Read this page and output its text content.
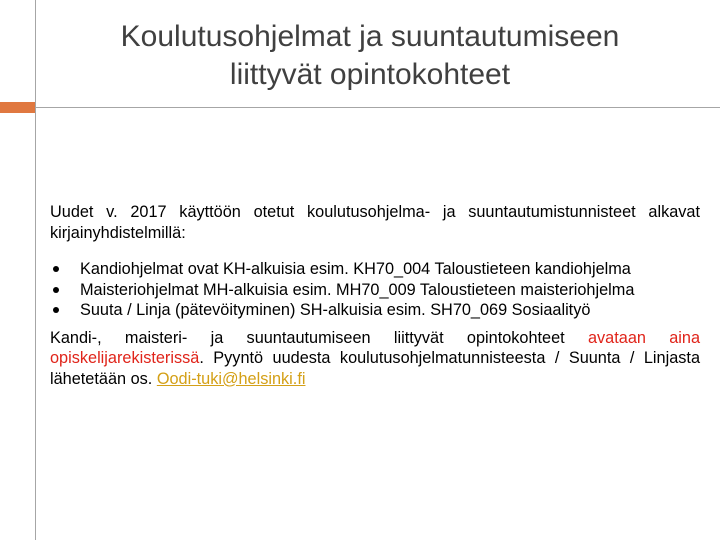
Koulutusohjelmat ja suuntautumiseen
liittyvät opintokohteet

Uudet v. 2017 käyttöön otetut koulutusohjelma- ja suuntautumistunnisteet alkavat kirjainyhdistelmillä:

Kandiohjelmat ovat KH-alkuisia esim. KH70_004 Taloustieteen kandiohjelma
Maisteriohjelmat MH-alkuisia esim. MH70_009 Taloustieteen maisteriohjelma
Suuta / Linja (pätevöityminen) SH-alkuisia esim. SH70_069 Sosiaalityö

Kandi-, maisteri- ja suuntautumiseen liittyvät opintokohteet avataan aina opiskelijarekisterissä. Pyyntö uudesta koulutusohjelmatunnisteesta / Suunta / Linjasta lähetetään os. Oodi-tuki@helsinki.fi
